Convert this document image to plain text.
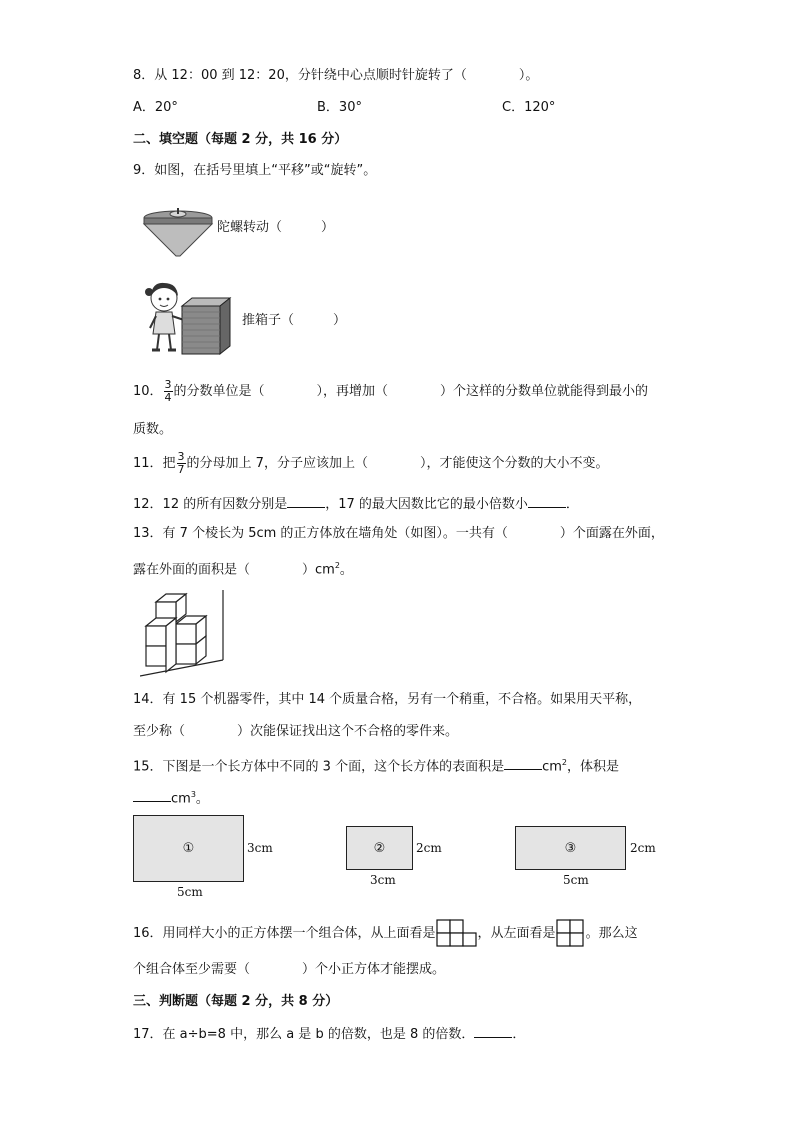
8．从 12：00 到 12：20，分针绕中心点顺时针旋转了（　　　　）。
A．20°	B．30°	C．120°
二、填空题（每题 2 分，共 16 分）
9．如图，在括号里填上“平移”或“旋转”。
陀螺转动（　　　）
推箱子（　　　）
10． $\frac{3}{4}$ 的分数单位是（　　　　），再增加（　　　　）个这样的分数单位就能得到最小的
质数。
11．把 $\frac{3}{7}$ 的分母加上 7，分子应该加上（　　　　），才能使这个分数的大小不变。
12．12 的所有因数分别是	，17 的最大因数比它的最小倍数小	．
13．有 7 个棱长为 5cm 的正方体放在墙角处（如图）。一共有（　　　　）个面露在外面，
露在外面的面积是（　　　　）$cm^2$。
14．有 15 个机器零件，其中 14 个质量合格，另有一个稍重，不合格。如果用天平称，
至少称（　　　　）次能保证找出这个不合格的零件来。
15．下图是一个长方体中不同的 3 个面，这个长方体的表面积是	$cm^2$，体积是
$cm^3$。
①	3cm
5cm
②	2cm
3cm
③	2cm
5cm
16．用同样大小的正方体摆一个组合体，从上面看是	，从左面看是 。那么这
个组合体至少需要（　　　　）个小正方体才能摆成。
三、判断题（每题 2 分，共 8 分）
17．在 a÷b=8 中，那么 a 是 b 的倍数，也是 8 的倍数．	．
